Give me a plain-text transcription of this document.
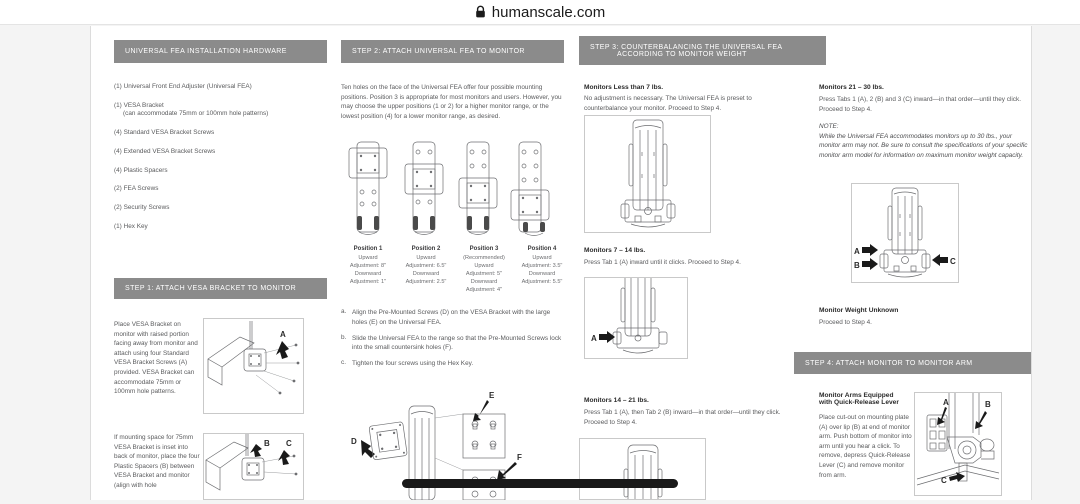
humanscale.com
UNIVERSAL FEA INSTALLATION HARDWARE
(1) Universal Front End Adjuster (Universal FEA)
(1) VESA Bracket
(can accommodate 75mm or 100mm hole patterns)
(4) Standard VESA Bracket Screws
(4) Extended VESA Bracket Screws
(4) Plastic Spacers
(2) FEA Screws
(2) Security Screws
(1) Hex Key
STEP 1: ATTACH VESA BRACKET TO MONITOR
Place VESA Bracket on monitor with raised portion facing away from monitor and attach using four Standard VESA Bracket Screws (A) provided. VESA Bracket can accommodate 75mm or 100mm hole patterns.
A
If mounting space for 75mm VESA Bracket is inset into back of monitor, place the four Plastic Spacers (B) between VESA Bracket and monitor (align with hole
B C
STEP 2: ATTACH UNIVERSAL FEA TO MONITOR
Ten holes on the face of the Universal FEA offer four possible mounting positions. Position 3 is appropriate for most monitors and users. However, you may choose the upper positions (1 or 2) for a higher monitor range, or the lowest position (4) for a lower monitor range, as desired.
Position 1
Upward
Adjustment: 8"
Downward
Adjustment: 1"
Position 2
Upward
Adjustment: 6.5"
Downward
Adjustment: 2.5"
Position 3
(Recommended)
Upward
Adjustment: 5"
Downward
Adjustment: 4"
Position 4
Upward
Adjustment: 3.5"
Downward
Adjustment: 5.5"
a. Align the Pre-Mounted Screws (D) on the VESA Bracket with the large holes (E) on the Universal FEA.
b. Slide the Universal FEA to the range so that the Pre-Mounted Screws lock into the small countersink holes (F).
c. Tighten the four screws using the Hex Key.
D
E
F
STEP 3: COUNTERBALANCING THE UNIVERSAL FEA
ACCORDING TO MONITOR WEIGHT
Monitors Less than 7 lbs.
No adjustment is necessary. The Universal FEA is preset to counterbalance your monitor. Proceed to Step 4.
Monitors 7 – 14 lbs.
Press Tab 1 (A) inward until it clicks. Proceed to Step 4.
A
Monitors 14 – 21 lbs.
Press Tab 1 (A), then Tab 2 (B) inward—in that order—until they click. Proceed to Step 4.
Monitors 21 – 30 lbs.
Press Tabs 1 (A), 2 (B) and 3 (C) inward—in that order—until they click. Proceed to Step 4.
NOTE:
While the Universal FEA accommodates monitors up to 30 lbs., your monitor arm may not. Be sure to consult the specifications of your specific monitor arm model for information on maximum monitor weight capacity.
A
B	C
Monitor Weight Unknown
Proceed to Step 4.
STEP 4: ATTACH MONITOR TO MONITOR ARM
Monitor Arms Equipped
with Quick-Release Lever
Place cut-out on mounting plate (A) over lip (B) at end of monitor arm. Push bottom of monitor into arm until you hear a click. To remove, depress Quick-Release Lever (C) and remove monitor from arm.
A	B
C
